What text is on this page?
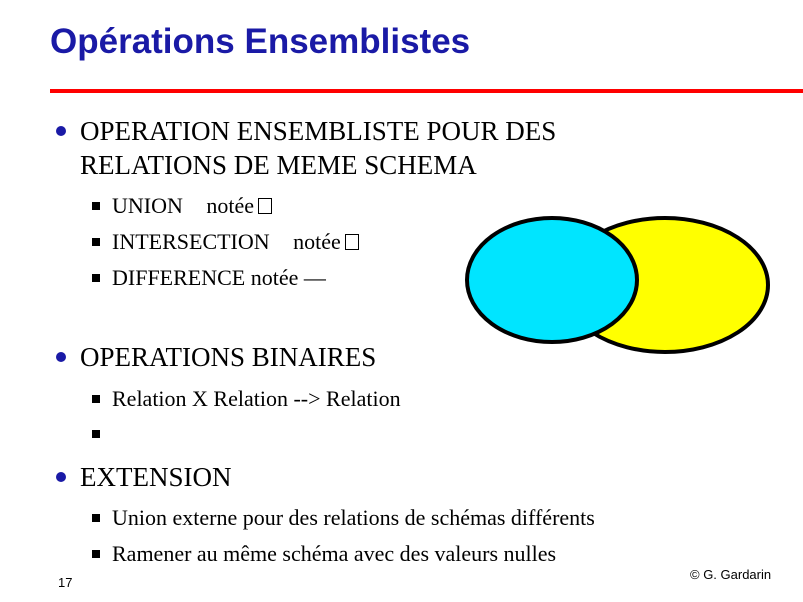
Opérations Ensemblistes
OPERATION ENSEMBLISTE POUR DES
RELATIONS DE MEME SCHEMA
UNION notée
INTERSECTION notée
DIFFERENCE notée —
OPERATIONS BINAIRES
Relation X Relation --> Relation
EXTENSION
Union externe pour des relations de schémas différents
Ramener au même schéma avec des valeurs nulles
17
© G. Gardarin
